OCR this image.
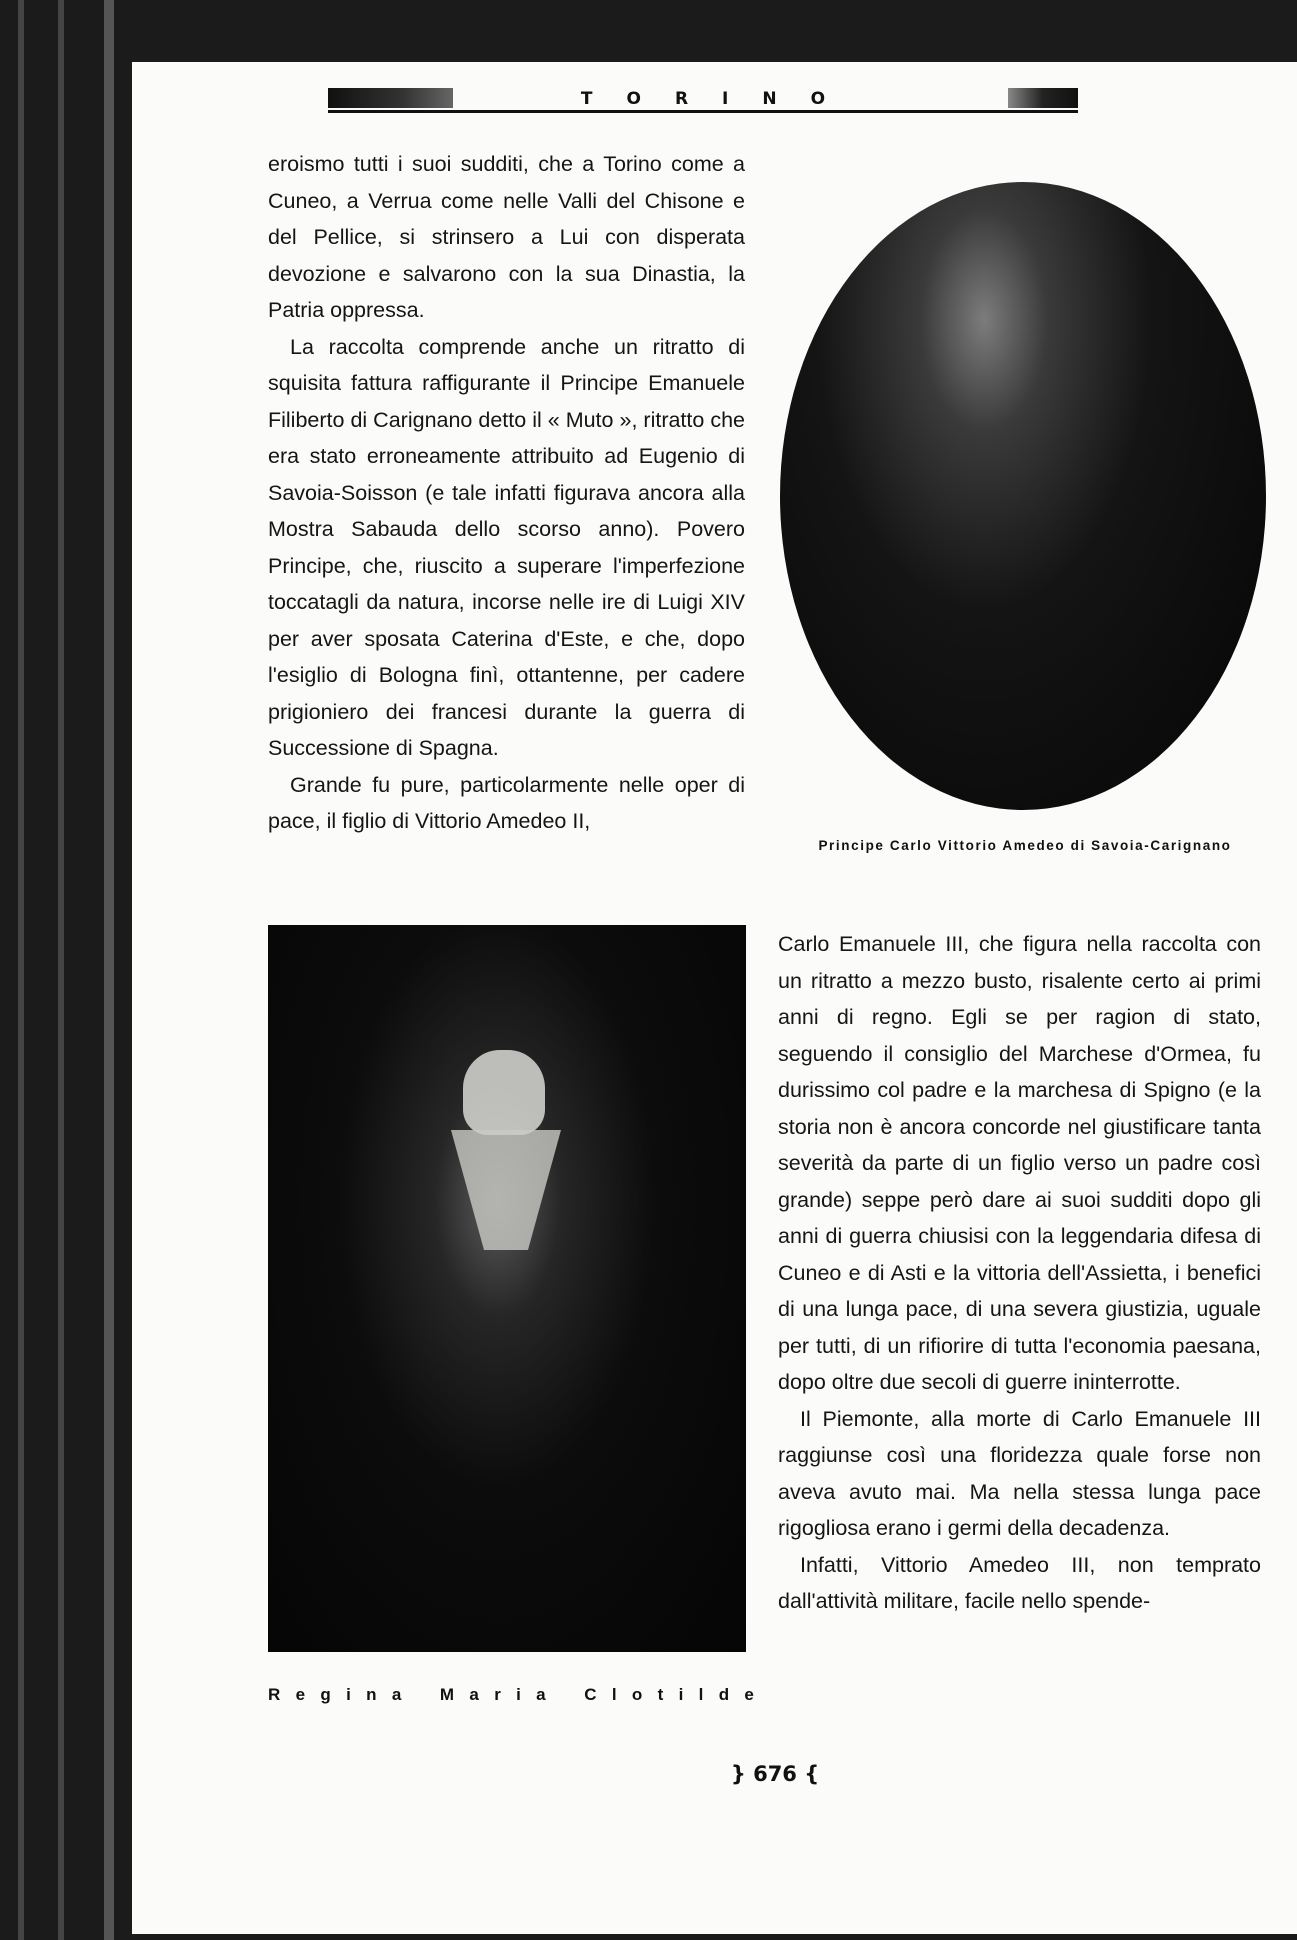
TORINO

eroismo tutti i suoi sudditi, che a Torino come a Cuneo, a Verrua come nelle Valli del Chisone e del Pellice, si strinsero a Lui con disperata devozione e salvarono con la sua Dinastia, la Patria oppressa.

La raccolta comprende anche un ritratto di squisita fattura raffigurante il Principe Emanuele Filiberto di Carignano detto il « Muto », ritratto che era stato erroneamente attribuito ad Eugenio di Savoia-Soisson (e tale infatti figurava ancora alla Mostra Sabauda dello scorso anno). Povero Principe, che, riuscito a superare l'imperfezione toccatagli da natura, incorse nelle ire di Luigi XIV per aver sposata Caterina d'Este, e che, dopo l'esiglio di Bologna finì, ottantenne, per cadere prigioniero dei francesi durante la guerra di Successione di Spagna.

Grande fu pure, particolarmente nelle oper di pace, il figlio di Vittorio Amedeo II,

Principe Carlo Vittorio Amedeo di Savoia-Carignano
R e g i n a M a r i a C l o t i l d e

Carlo Emanuele III, che figura nella raccolta con un ritratto a mezzo busto, risalente certo ai primi anni di regno. Egli se per ragion di stato, seguendo il consiglio del Marchese d'Ormea, fu durissimo col padre e la marchesa di Spigno (e la storia non è ancora concorde nel giustificare tanta severità da parte di un figlio verso un padre così grande) seppe però dare ai suoi sudditi dopo gli anni di guerra chiusisi con la leggendaria difesa di Cuneo e di Asti e la vittoria dell'Assietta, i benefici di una lunga pace, di una severa giustizia, uguale per tutti, di un rifiorire di tutta l'economia paesana, dopo oltre due secoli di guerre ininterrotte.

Il Piemonte, alla morte di Carlo Emanuele III raggiunse così una floridezza quale forse non aveva avuto mai. Ma nella stessa lunga pace rigogliosa erano i germi della decadenza.

Infatti, Vittorio Amedeo III, non temprato dall'attività militare, facile nello spende-

} 676 {
